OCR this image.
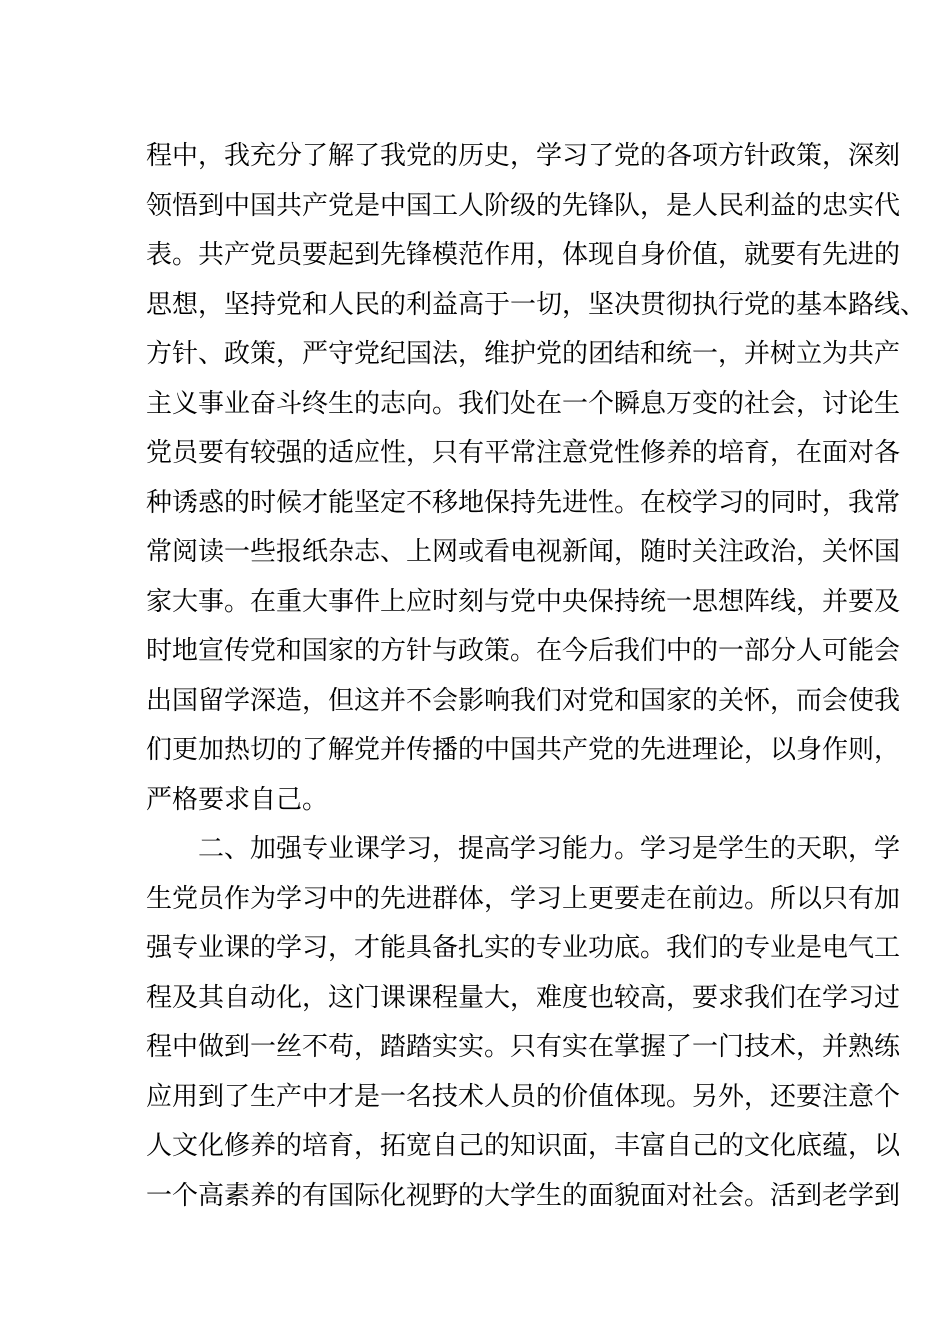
程中，我充分了解了我党的历史，学习了党的各项方针政策，深刻
领悟到中国共产党是中国工人阶级的先锋队，是人民利益的忠实代
表。共产党员要起到先锋模范作用，体现自身价值，就要有先进的
思想，坚持党和人民的利益高于一切，坚决贯彻执行党的基本路线、
方针、政策，严守党纪国法，维护党的团结和统一，并树立为共产
主义事业奋斗终生的志向。我们处在一个瞬息万变的社会，讨论生
党员要有较强的适应性，只有平常注意党性修养的培育，在面对各
种诱惑的时候才能坚定不移地保持先进性。在校学习的同时，我常
常阅读一些报纸杂志、上网或看电视新闻，随时关注政治，关怀国
家大事。在重大事件上应时刻与党中央保持统一思想阵线，并要及
时地宣传党和国家的方针与政策。在今后我们中的一部分人可能会
出国留学深造，但这并不会影响我们对党和国家的关怀，而会使我
们更加热切的了解党并传播的中国共产党的先进理论，以身作则，
严格要求自己。
二、加强专业课学习，提高学习能力。学习是学生的天职，学
生党员作为学习中的先进群体，学习上更要走在前边。所以只有加
强专业课的学习，才能具备扎实的专业功底。我们的专业是电气工
程及其自动化，这门课课程量大，难度也较高，要求我们在学习过
程中做到一丝不苟，踏踏实实。只有实在掌握了一门技术，并熟练
应用到了生产中才是一名技术人员的价值体现。另外，还要注意个
人文化修养的培育，拓宽自己的知识面，丰富自己的文化底蕴，以
一个高素养的有国际化视野的大学生的面貌面对社会。活到老学到
